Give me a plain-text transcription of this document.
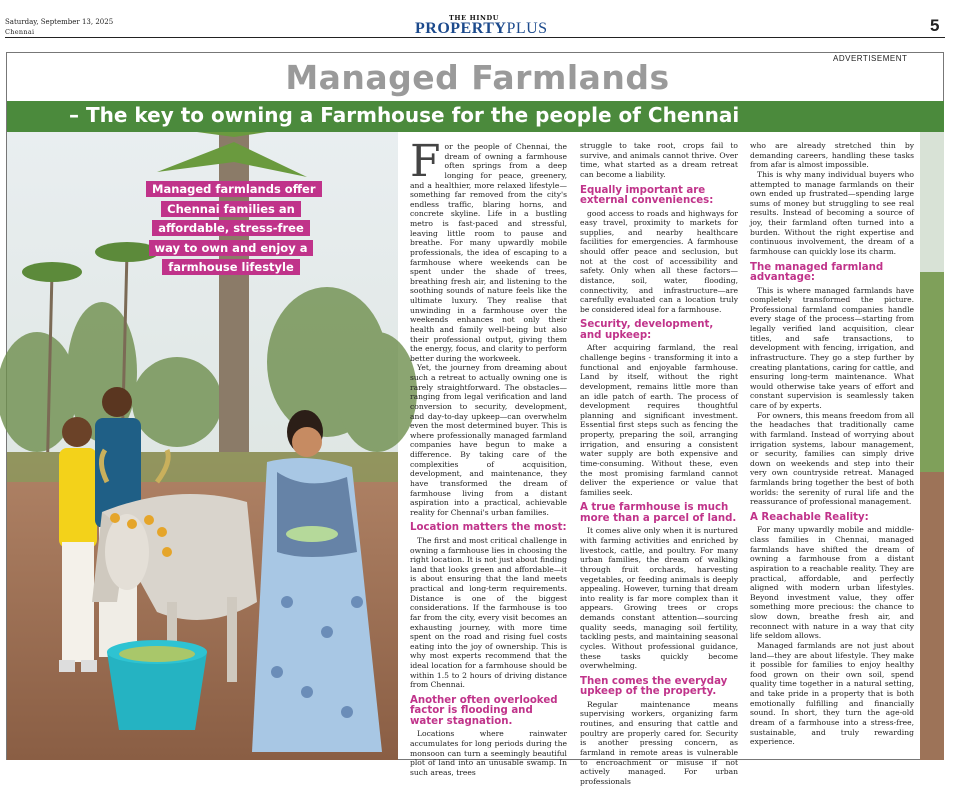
Saturday, September 13, 2025
Chennai
THE HINDU
PROPERTYPLUS	5
ADVERTISEMENT
Managed Farmlands
– The key to owning a Farmhouse for the people of Chennai
Managed farmlands offer Chennai families an affordable, stress-free way to own and enjoy a farmhouse lifestyle
F or the people of Chennai, the dream of owning a farmhouse often springs from a deep longing for peace, greenery, and a healthier, more relaxed lifestyle—something far removed from the city's endless traffic, blaring horns, and concrete skyline. Life in a bustling metro is fast-paced and stressful, leaving little room to pause and breathe. For many upwardly mobile professionals, the idea of escaping to a farmhouse where weekends can be spent under the shade of trees, breathing fresh air, and listening to the soothing sounds of nature feels like the ultimate luxury. They realise that unwinding in a farmhouse over the weekends enhances not only their health and family well-being but also their professional output, giving them the energy, focus, and clarity to perform better during the workweek.

Yet, the journey from dreaming about such a retreat to actually owning one is rarely straightforward. The obstacles—ranging from legal verification and land conversion to security, development, and day-to-day upkeep—can overwhelm even the most determined buyer. This is where professionally managed farmland companies have begun to make a difference. By taking care of the complexities of acquisition, development, and maintenance, they have transformed the dream of farmhouse living from a distant aspiration into a practical, achievable reality for Chennai's urban families.

Location matters the most:

The first and most critical challenge in owning a farmhouse lies in choosing the right location. It is not just about finding land that looks green and affordable—it is about ensuring that the land meets practical and long-term requirements. Distance is one of the biggest considerations. If the farmhouse is too far from the city, every visit becomes an exhausting journey, with more time spent on the road and rising fuel costs eating into the joy of ownership. This is why most experts recommend that the ideal location for a farmhouse should be within 1.5 to 2 hours of driving distance from Chennai.

Another often overlooked factor is flooding and water stagnation.

Locations where rainwater accumulates for long periods during the monsoon can turn a seemingly beautiful plot of land into an unusable swamp. In such areas, trees

struggle to take root, crops fail to survive, and animals cannot thrive. Over time, what started as a dream retreat can become a liability.

Equally important are external conveniences:

good access to roads and highways for easy travel, proximity to markets for supplies, and nearby healthcare facilities for emergencies. A farmhouse should offer peace and seclusion, but not at the cost of accessibility and safety. Only when all these factors—distance, soil, water, flooding, connectivity, and infrastructure—are carefully evaluated can a location truly be considered ideal for a farmhouse.

Security, development, and upkeep:

After acquiring farmland, the real challenge begins - transforming it into a functional and enjoyable farmhouse. Land by itself, without the right development, remains little more than an idle patch of earth. The process of development requires thoughtful planning and significant investment. Essential first steps such as fencing the property, preparing the soil, arranging irrigation, and ensuring a consistent water supply are both expensive and time-consuming. Without these, even the most promising farmland cannot deliver the experience or value that families seek.

A true farmhouse is much more than a parcel of land.

It comes alive only when it is nurtured with farming activities and enriched by livestock, cattle, and poultry. For many urban families, the dream of walking through fruit orchards, harvesting vegetables, or feeding animals is deeply appealing. However, turning that dream into reality is far more complex than it appears. Growing trees or crops demands constant attention—sourcing quality seeds, managing soil fertility, tackling pests, and maintaining seasonal cycles. Without professional guidance, these tasks quickly become overwhelming.

Then comes the everyday upkeep of the property.

Regular maintenance means supervising workers, organizing farm routines, and ensuring that cattle and poultry are properly cared for. Security is another pressing concern, as farmland in remote areas is vulnerable to encroachment or misuse if not actively managed. For urban professionals

who are already stretched thin by demanding careers, handling these tasks from afar is almost impossible.

This is why many individual buyers who attempted to manage farmlands on their own ended up frustrated—spending large sums of money but struggling to see real results. Instead of becoming a source of joy, their farmland often turned into a burden. Without the right expertise and continuous involvement, the dream of a farmhouse can quickly lose its charm.

The managed farmland advantage:

This is where managed farmlands have completely transformed the picture. Professional farmland companies handle every stage of the process—starting from legally verified land acquisition, clear titles, and safe transactions, to development with fencing, irrigation, and infrastructure. They go a step further by creating plantations, caring for cattle, and ensuring long-term maintenance. What would otherwise take years of effort and constant supervision is seamlessly taken care of by experts.

For owners, this means freedom from all the headaches that traditionally came with farmland. Instead of worrying about irrigation systems, labour management, or security, families can simply drive down on weekends and step into their very own countryside retreat. Managed farmlands bring together the best of both worlds: the serenity of rural life and the reassurance of professional management.

A Reachable Reality:

For many upwardly mobile and middle-class families in Chennai, managed farmlands have shifted the dream of owning a farmhouse from a distant aspiration to a reachable reality. They are practical, affordable, and perfectly aligned with modern urban lifestyles. Beyond investment value, they offer something more precious: the chance to slow down, breathe fresh air, and reconnect with nature in a way that city life seldom allows.

Managed farmlands are not just about land—they are about lifestyle. They make it possible for families to enjoy healthy food grown on their own soil, spend quality time together in a natural setting, and take pride in a property that is both emotionally fulfilling and financially sound. In short, they turn the age-old dream of a farmhouse into a stress-free, sustainable, and truly rewarding experience.
